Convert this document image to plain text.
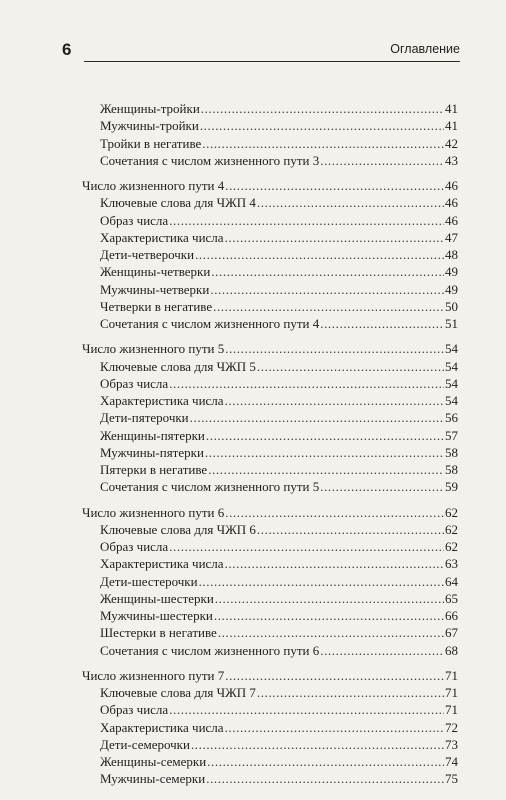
6	Оглавление
Женщины-тройки .....	41
Мужчины-тройки .....	41
Тройки в негативе .....	42
Сочетания с числом жизненного пути 3 .....	43
Число жизненного пути 4 .....	46
Ключевые слова для ЧЖП 4 .....	46
Образ числа .....	46
Характеристика числа .....	47
Дети-четверочки .....	48
Женщины-четверки .....	49
Мужчины-четверки .....	49
Четверки в негативе .....	50
Сочетания с числом жизненного пути 4 .....	51
Число жизненного пути 5 .....	54
Ключевые слова для ЧЖП 5 .....	54
Образ числа .....	54
Характеристика числа .....	54
Дети-пятерочки .....	56
Женщины-пятерки .....	57
Мужчины-пятерки .....	58
Пятерки в негативе .....	58
Сочетания с числом жизненного пути 5 .....	59
Число жизненного пути 6 .....	62
Ключевые слова для ЧЖП 6 .....	62
Образ числа .....	62
Характеристика числа .....	63
Дети-шестерочки .....	64
Женщины-шестерки .....	65
Мужчины-шестерки .....	66
Шестерки в негативе .....	67
Сочетания с числом жизненного пути 6 .....	68
Число жизненного пути 7 .....	71
Ключевые слова для ЧЖП 7 .....	71
Образ числа .....	71
Характеристика числа .....	72
Дети-семерочки .....	73
Женщины-семерки .....	74
Мужчины-семерки .....	75
